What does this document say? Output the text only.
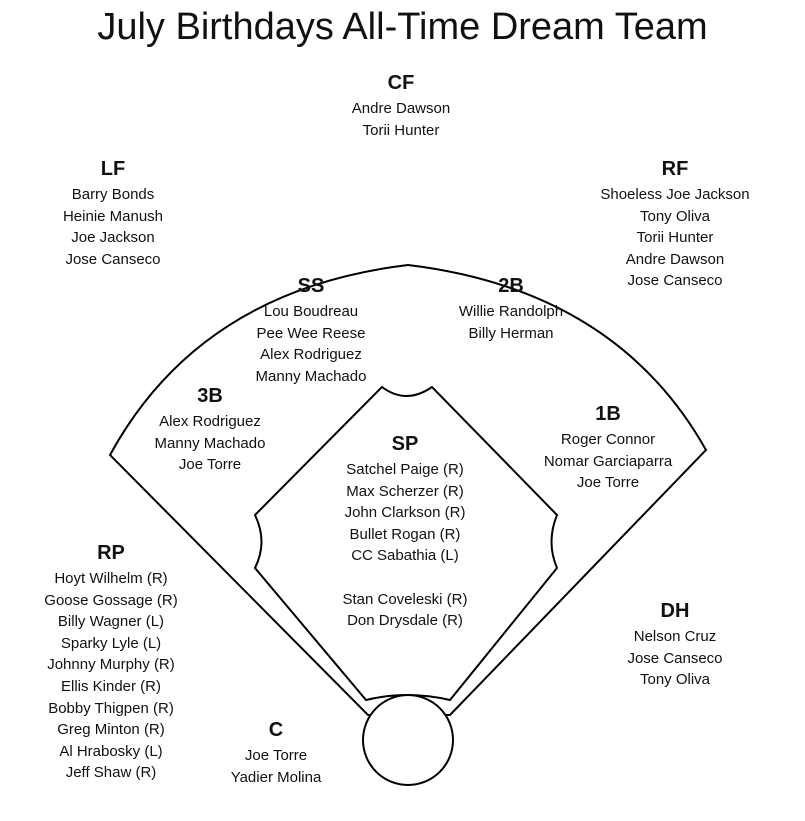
July Birthdays All-Time Dream Team
CF
Andre Dawson
Torii Hunter
LF
Barry Bonds
Heinie Manush
Joe Jackson
Jose Canseco
RF
Shoeless Joe Jackson
Tony Oliva
Torii Hunter
Andre Dawson
Jose Canseco
SS
Lou Boudreau
Pee Wee Reese
Alex Rodriguez
Manny Machado
2B
Willie Randolph
Billy Herman
3B
Alex Rodriguez
Manny Machado
Joe Torre
1B
Roger Connor
Nomar Garciaparra
Joe Torre
SP
Satchel Paige (R)
Max Scherzer (R)
John Clarkson (R)
Bullet Rogan (R)
CC Sabathia (L)

Stan Coveleski (R)
Don Drysdale (R)
RP
Hoyt Wilhelm (R)
Goose Gossage (R)
Billy Wagner (L)
Sparky Lyle (L)
Johnny Murphy (R)
Ellis Kinder (R)
Bobby Thigpen (R)
Greg Minton (R)
Al Hrabosky (L)
Jeff Shaw (R)
C
Joe Torre
Yadier Molina
DH
Nelson Cruz
Jose Canseco
Tony Oliva
